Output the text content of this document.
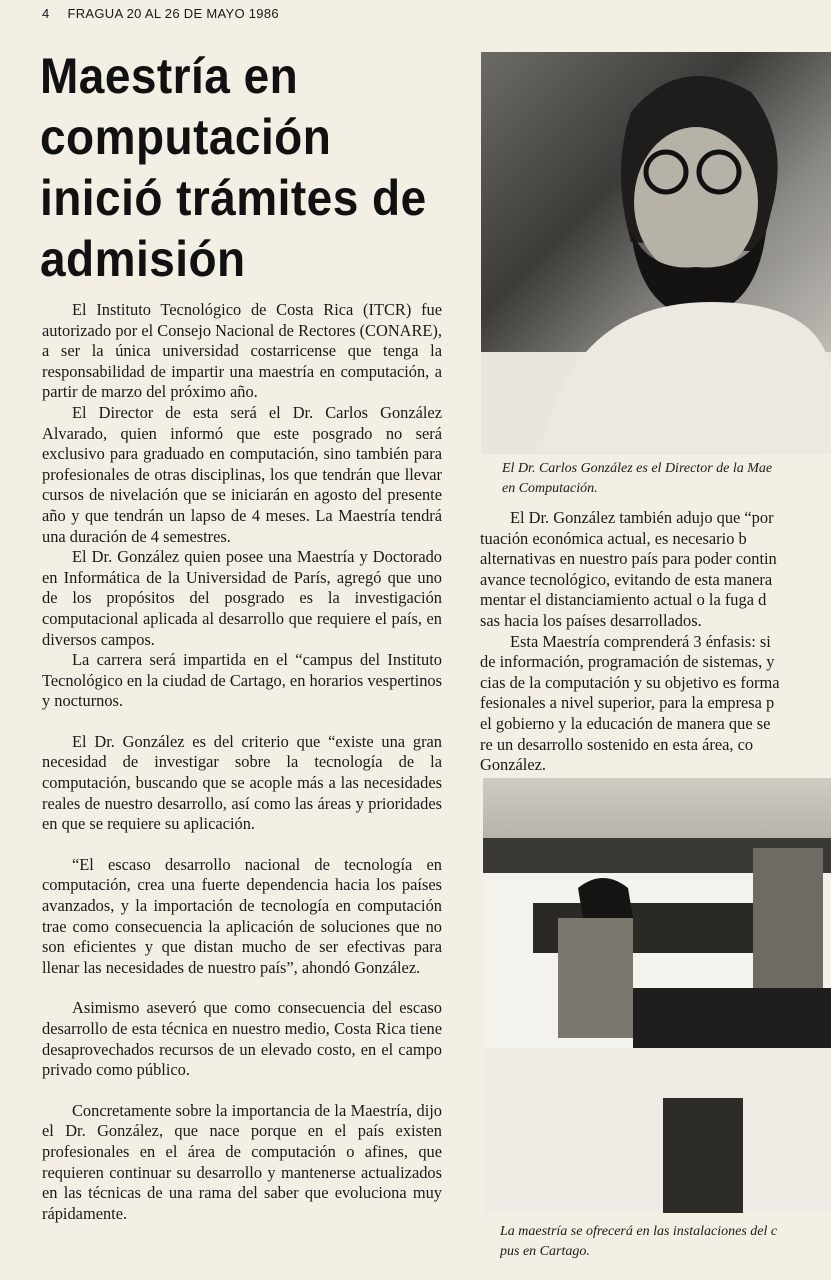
4 FRAGUA 20 AL 26 DE MAYO 1986
Maestría en
computación
inició trámites de
admisión

El Instituto Tecnológico de Costa Rica (ITCR) fue autorizado por el Consejo Nacional de Rectores (CONARE), a ser la única universidad costarricense que tenga la responsabilidad de impartir una maestría en computación, a partir de marzo del próximo año.

El Director de esta será el Dr. Carlos González Alvarado, quien informó que este posgrado no será exclusivo para graduado en computación, sino también para profesionales de otras disciplinas, los que tendrán que llevar cursos de nivelación que se iniciarán en agosto del presente año y que tendrán un lapso de 4 meses. La Maestría tendrá una duración de 4 semestres.

El Dr. González quien posee una Maestría y Doctorado en Informática de la Universidad de París, agregó que uno de los propósitos del posgrado es la investigación computacional aplicada al desarrollo que requiere el país, en diversos campos.

La carrera será impartida en el “campus del Instituto Tecnológico en la ciudad de Cartago, en horarios vespertinos y nocturnos.

El Dr. González es del criterio que “existe una gran necesidad de investigar sobre la tecnología de la computación, buscando que se acople más a las necesidades reales de nuestro desarrollo, así como las áreas y prioridades en que se requiere su aplicación.

“El escaso desarrollo nacional de tecnología en computación, crea una fuerte dependencia hacia los países avanzados, y la importación de tecnología en computación trae como consecuencia la aplicación de soluciones que no son eficientes y que distan mucho de ser efectivas para llenar las necesidades de nuestro país”, ahondó González.

Asimismo aseveró que como consecuencia del escaso desarrollo de esta técnica en nuestro medio, Costa Rica tiene desaprovechados recursos de un elevado costo, en el campo privado como público.

Concretamente sobre la importancia de la Maestría, dijo el Dr. González, que nace porque en el país existen profesionales en el área de computación o afines, que requieren continuar su desarrollo y mantenerse actualizados en las técnicas de una rama del saber que evoluciona muy rápidamente.

El Dr. Carlos González es el Director de la Mae
en Computación.
El Dr. González también adujo que “por
tuación económica actual, es necesario b
alternativas en nuestro país para poder contin
avance tecnológico, evitando de esta manera
mentar el distanciamiento actual o la fuga d
sas hacia los países desarrollados.
Esta Maestría comprenderá 3 énfasis: si
de información, programación de sistemas, y
cias de la computación y su objetivo es forma
fesionales a nivel superior, para la empresa p
el gobierno y la educación de manera que se
re un desarrollo sostenido en esta área, co
González.
La maestría se ofrecerá en las instalaciones del c
pus en Cartago.
